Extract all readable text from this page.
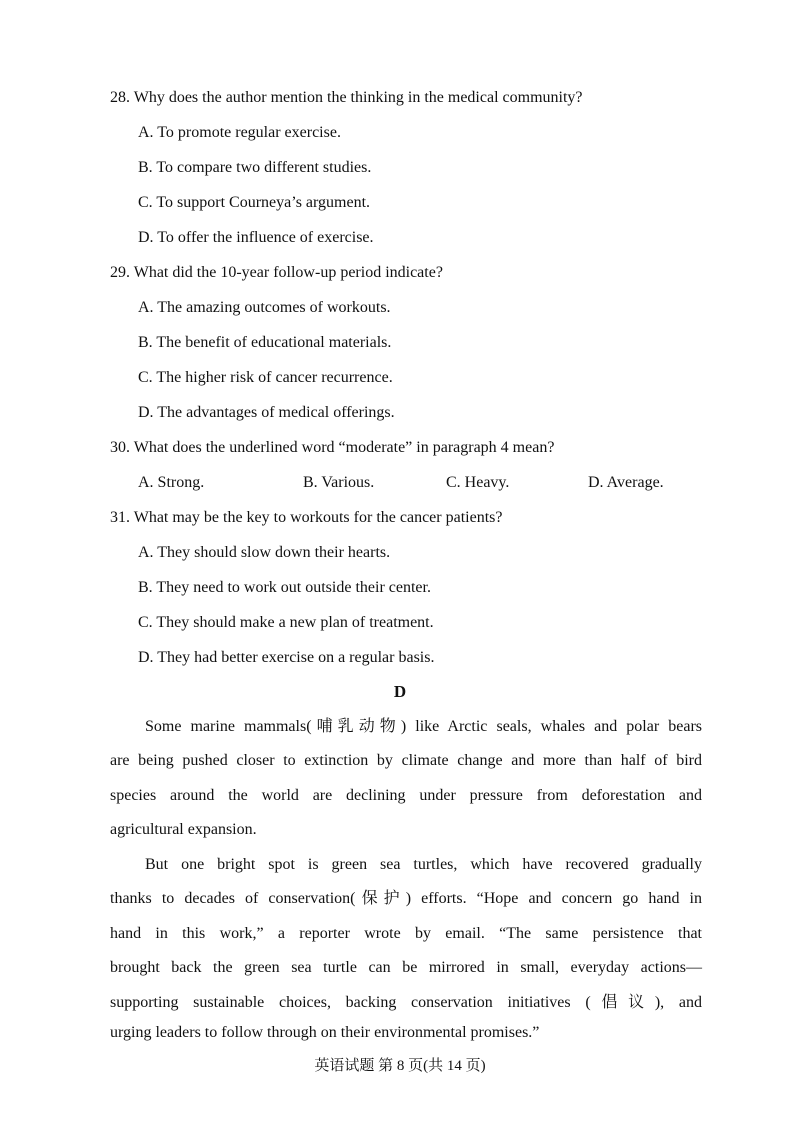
28. Why does the author mention the thinking in the medical community?
A. To promote regular exercise.
B. To compare two different studies.
C. To support Courneya’s argument.
D. To offer the influence of exercise.
29. What did the 10-year follow-up period indicate?
A. The amazing outcomes of workouts.
B. The benefit of educational materials.
C. The higher risk of cancer recurrence.
D. The advantages of medical offerings.
30. What does the underlined word “moderate” in paragraph 4 mean?
A. Strong.	B. Various.	C. Heavy.	D. Average.
31. What may be the key to workouts for the cancer patients?
A. They should slow down their hearts.
B. They need to work out outside their center.
C. They should make a new plan of treatment.
D. They had better exercise on a regular basis.
D
Some marine mammals(哺乳动物) like Arctic seals, whales and polar bears
are being pushed closer to extinction by climate change and more than half of bird
species around the world are declining under pressure from deforestation and
agricultural expansion.
But one bright spot is green sea turtles, which have recovered gradually
thanks to decades of conservation(保护) efforts. “Hope and concern go hand in
hand in this work,” a reporter wrote by email. “The same persistence that
brought back the green sea turtle can be mirrored in small, everyday actions—
supporting sustainable choices, backing conservation initiatives (倡议), and
urging leaders to follow through on their environmental promises.”
英语试题 第 8 页(共 14 页)
